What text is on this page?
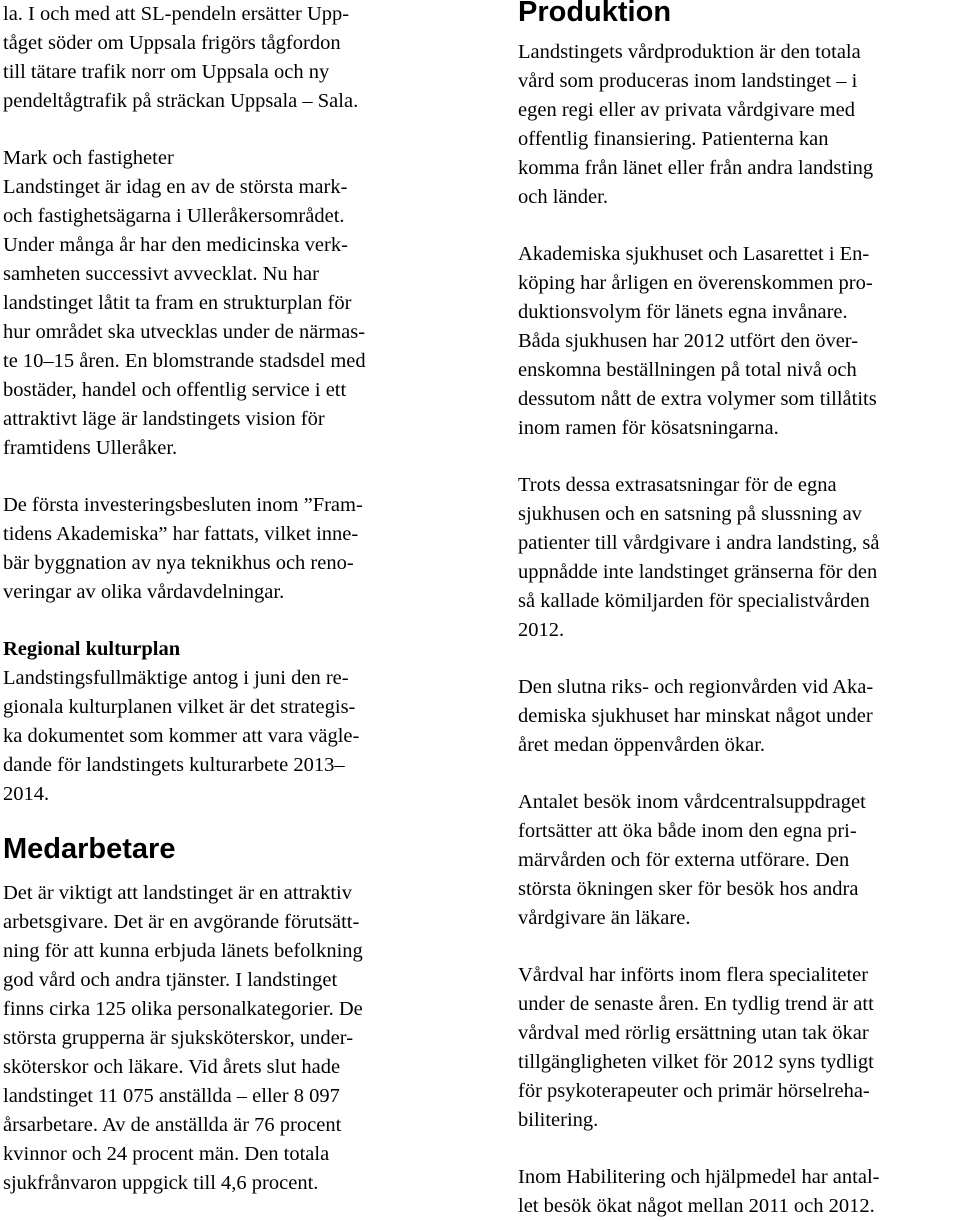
la. I och med att SL-pendeln ersätter Upp-
tåget söder om Uppsala frigörs tågfordon
till tätare trafik norr om Uppsala och ny
pendeltågtrafik på sträckan Uppsala – Sala.
Mark och fastigheter
Landstinget är idag en av de största mark-
och fastighetsägarna i Ulleråkersområdet.
Under många år har den medicinska verk-
samheten successivt avvecklat. Nu har
landstinget låtit ta fram en strukturplan för
hur området ska utvecklas under de närmas-
te 10–15 åren. En blomstrande stadsdel med
bostäder, handel och offentlig service i ett
attraktivt läge är landstingets vision för
framtidens Ulleråker.
De första investeringsbesluten inom ”Fram-
tidens Akademiska” har fattats, vilket inne-
bär byggnation av nya teknikhus och reno-
veringar av olika vårdavdelningar.
Regional kulturplan
Landstingsfullmäktige antog i juni den re-
gionala kulturplanen vilket är det strategis-
ka dokumentet som kommer att vara vägle-
dande för landstingets kulturarbete 2013–
2014.
Medarbetare
Det är viktigt att landstinget är en attraktiv
arbetsgivare. Det är en avgörande förutsätt-
ning för att kunna erbjuda länets befolkning
god vård och andra tjänster. I landstinget
finns cirka 125 olika personalkategorier. De
största grupperna är sjuksköterskor, under-
sköterskor och läkare. Vid årets slut hade
landstinget 11 075 anställda – eller 8 097
årsarbetare. Av de anställda är 76 procent
kvinnor och 24 procent män. Den totala
sjukfrånvaron uppgick till 4,6 procent.
Produktion
Landstingets vårdproduktion är den totala
vård som produceras inom landstinget – i
egen regi eller av privata vårdgivare med
offentlig finansiering. Patienterna kan
komma från länet eller från andra landsting
och länder.
Akademiska sjukhuset och Lasarettet i En-
köping har årligen en överenskommen pro-
duktionsvolym för länets egna invånare.
Båda sjukhusen har 2012 utfört den över-
enskomna beställningen på total nivå och
dessutom nått de extra volymer som tillåtits
inom ramen för kösatsningarna.
Trots dessa extrasatsningar för de egna
sjukhusen och en satsning på slussning av
patienter till vårdgivare i andra landsting, så
uppnådde inte landstinget gränserna för den
så kallade kömiljarden för specialistvården
2012.
Den slutna riks- och regionvården vid Aka-
demiska sjukhuset har minskat något under
året medan öppenvården ökar.
Antalet besök inom vårdcentralsuppdraget
fortsätter att öka både inom den egna pri-
märvården och för externa utförare. Den
största ökningen sker för besök hos andra
vårdgivare än läkare.
Vårdval har införts inom flera specialiteter
under de senaste åren. En tydlig trend är att
vårdval med rörlig ersättning utan tak ökar
tillgängligheten vilket för 2012 syns tydligt
för psykoterapeuter och primär hörselreha-
bilitering.
Inom Habilitering och hjälpmedel har antal-
let besök ökat något mellan 2011 och 2012.
